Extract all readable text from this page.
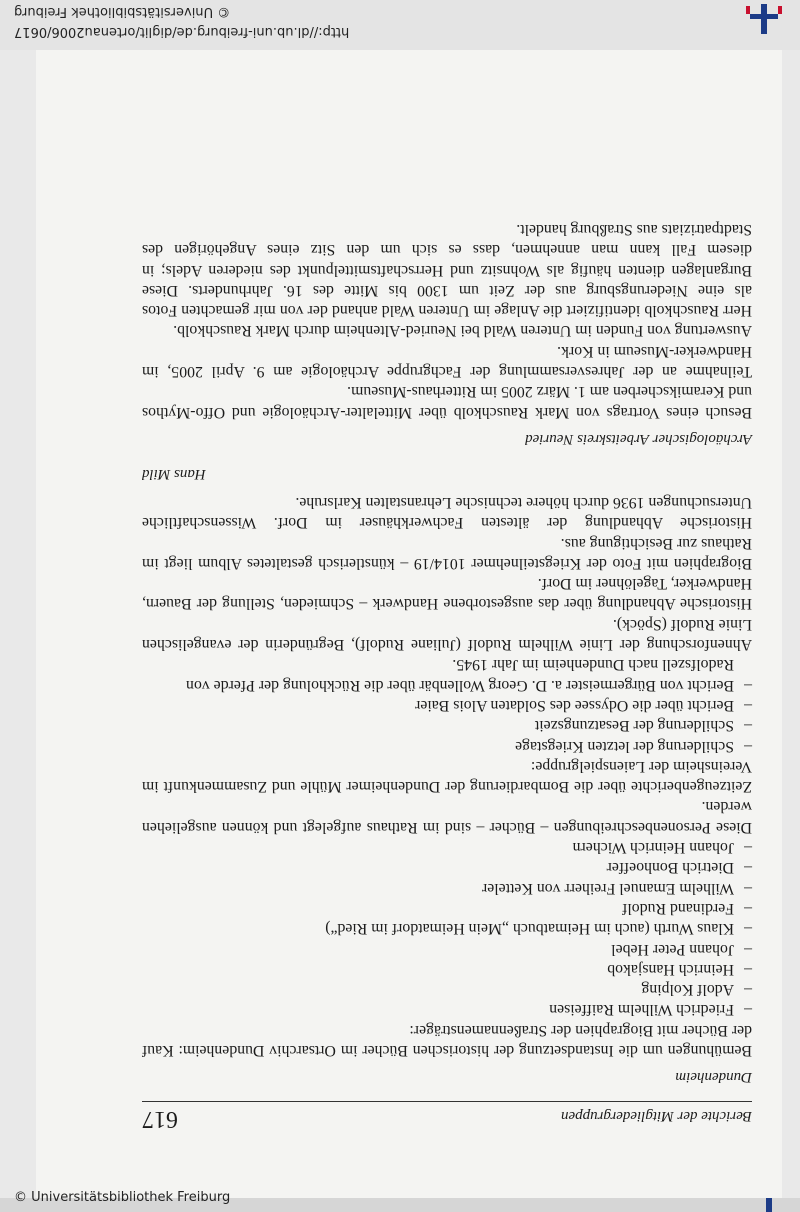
© Universitätsbibliothek Freiburg
http://dl.ub.uni-freiburg.de/diglit/ortenau2006/0617
Berichte der Mitgliedergruppen
617
Dundenheim

Bemühungen um die Instandsetzung der historischen Bücher im Ortsarchiv Dundenheim: Kauf der Bücher mit Biographien der Straßennamensträger:

– Friedrich Wilhelm Raiffeisen
– Adolf Kolping
– Heinrich Hansjakob
– Johann Peter Hebel
– Klaus Wurth (auch im Heimatbuch „Mein Heimatdorf im Ried“)
– Ferdinand Rudolf
– Wilhelm Emanuel Freiherr von Ketteler
– Dietrich Bonhoeffer
– Johann Heinrich Wichern

Diese Personenbeschreibungen – Bücher – sind im Rathaus aufgelegt und können ausgeliehen werden.

Zeitzeugenberichte über die Bombardierung der Dundenheimer Mühle und Zusammenkunft im Vereinsheim der Laienspielgruppe:

– Schilderung der letzten Kriegstage
– Schilderung der Besatzungszeit
– Bericht über die Odyssee des Soldaten Alois Baier
– Bericht von Bürgermeister a. D. Georg Wollenbär über die Rückholung der Pferde von Radolfszell nach Dundenheim im Jahr 1945.

Ahnenforschung der Linie Wilhelm Rudolf (Juliane Rudolf), Begründerin der evangelischen Linie Rudolf (Spöck).

Historische Abhandlung über das ausgestorbene Handwerk – Schmieden, Stellung der Bauern, Handwerker, Tagelöhner im Dorf.

Biographien mit Foto der Kriegsteilnehmer 1014/19 – künstlerisch gestaltetes Album liegt im Rathaus zur Besichtigung aus.

Historische Abhandlung der ältesten Fachwerkhäuser im Dorf. Wissenschaftliche Untersuchungen 1936 durch höhere technische Lehranstalten Karlsruhe.

Hans Mild
Archäologischer Arbeitskreis Neuried

Besuch eines Vortrags von Mark Rauschkolb über Mittelalter-Archäologie und Offo-Mythos und Keramikscherben am 1. März 2005 im Ritterhaus-Museum.

Teilnahme an der Jahresversammlung der Fachgruppe Archäologie am 9. April 2005, im Handwerker-Museum in Kork.

Auswertung von Funden im Unteren Wald bei Neuried-Altenheim durch Mark Rauschkolb.

Herr Rauschkolb identifiziert die Anlage im Unteren Wald anhand der von mir gemachten Fotos als eine Niederungsburg aus der Zeit um 1300 bis Mitte des 16. Jahrhunderts. Diese Burganlagen dienten häufig als Wohnsitz und Herrschaftsmittelpunkt des niederen Adels; in diesem Fall kann man annehmen, dass es sich um den Sitz eines Angehörigen des Stadtpatriziats aus Straßburg handelt.

© Universitätsbibliothek Freiburg
